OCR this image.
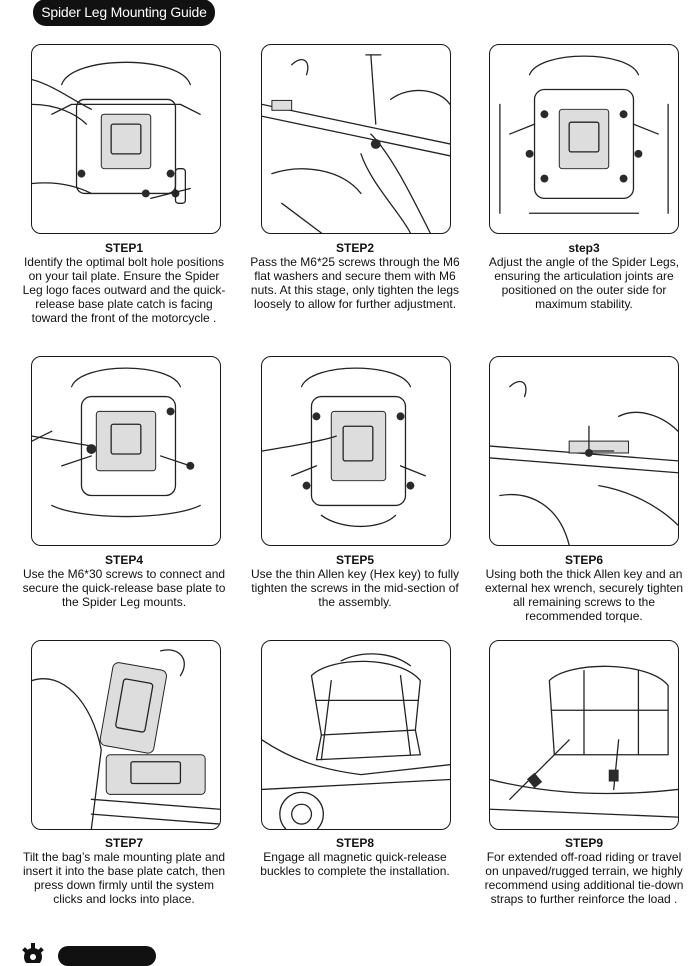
Spider Leg Mounting Guide
STEP1
Identify the optimal bolt hole positions on your tail plate. Ensure the Spider Leg logo faces outward and the quick-release base plate catch is facing toward the front of the motorcycle .
STEP2
Pass the M6*25 screws through the M6 flat washers and secure them with M6 nuts. At this stage, only tighten the legs loosely to allow for further adjustment.
step3
Adjust the angle of the Spider Legs, ensuring the articulation joints are positioned on the outer side for maximum stability.
STEP4
Use the M6*30 screws to connect and secure the quick-release base plate to the Spider Leg mounts.
STEP5
Use the thin Allen key (Hex key) to fully tighten the screws in the mid-section of the assembly.
STEP6
Using both the thick Allen key and an external hex wrench, securely tighten all remaining screws to the recommended torque.
STEP7
Tilt the bag’s male mounting plate and insert it into the base plate catch, then press down firmly until the system clicks and locks into place.
STEP8
Engage all magnetic quick-release buckles to complete the installation.
STEP9
For extended off-road riding or travel on unpaved/rugged terrain, we highly recommend using additional tie-down straps to further reinforce the load .
